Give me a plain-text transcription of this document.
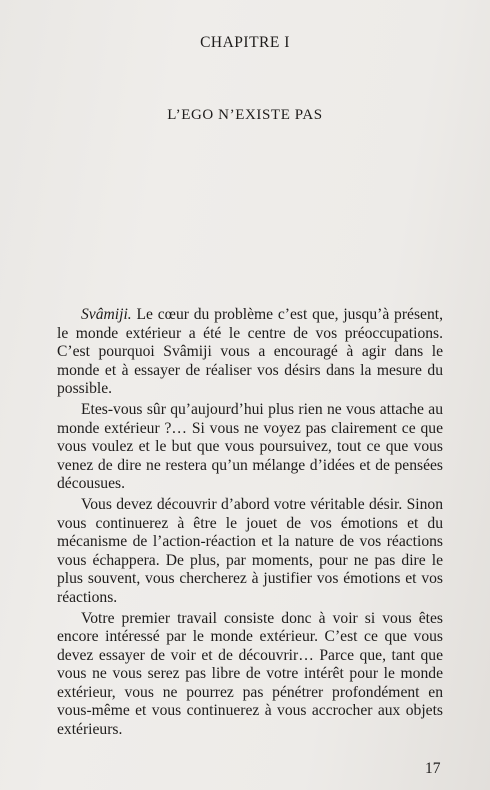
CHAPITRE I
L’EGO N’EXISTE PAS

Svâmiji. Le cœur du problème c’est que, jusqu’à présent, le monde extérieur a été le centre de vos préoccupations. C’est pourquoi Svâmiji vous a encouragé à agir dans le monde et à essayer de réaliser vos désirs dans la mesure du possible.

Etes-vous sûr qu’aujourd’hui plus rien ne vous attache au monde extérieur ?… Si vous ne voyez pas clairement ce que vous voulez et le but que vous poursuivez, tout ce que vous venez de dire ne restera qu’un mélange d’idées et de pensées décousues.

Vous devez découvrir d’abord votre véritable désir. Sinon vous continuerez à être le jouet de vos émotions et du mécanisme de l’action-réaction et la nature de vos réactions vous échappera. De plus, par moments, pour ne pas dire le plus souvent, vous chercherez à justifier vos émotions et vos réactions.

Votre premier travail consiste donc à voir si vous êtes encore intéressé par le monde extérieur. C’est ce que vous devez essayer de voir et de découvrir… Parce que, tant que vous ne vous serez pas libre de votre intérêt pour le monde extérieur, vous ne pourrez pas pénétrer profondément en vous-même et vous continuerez à vous accrocher aux objets extérieurs.

17
